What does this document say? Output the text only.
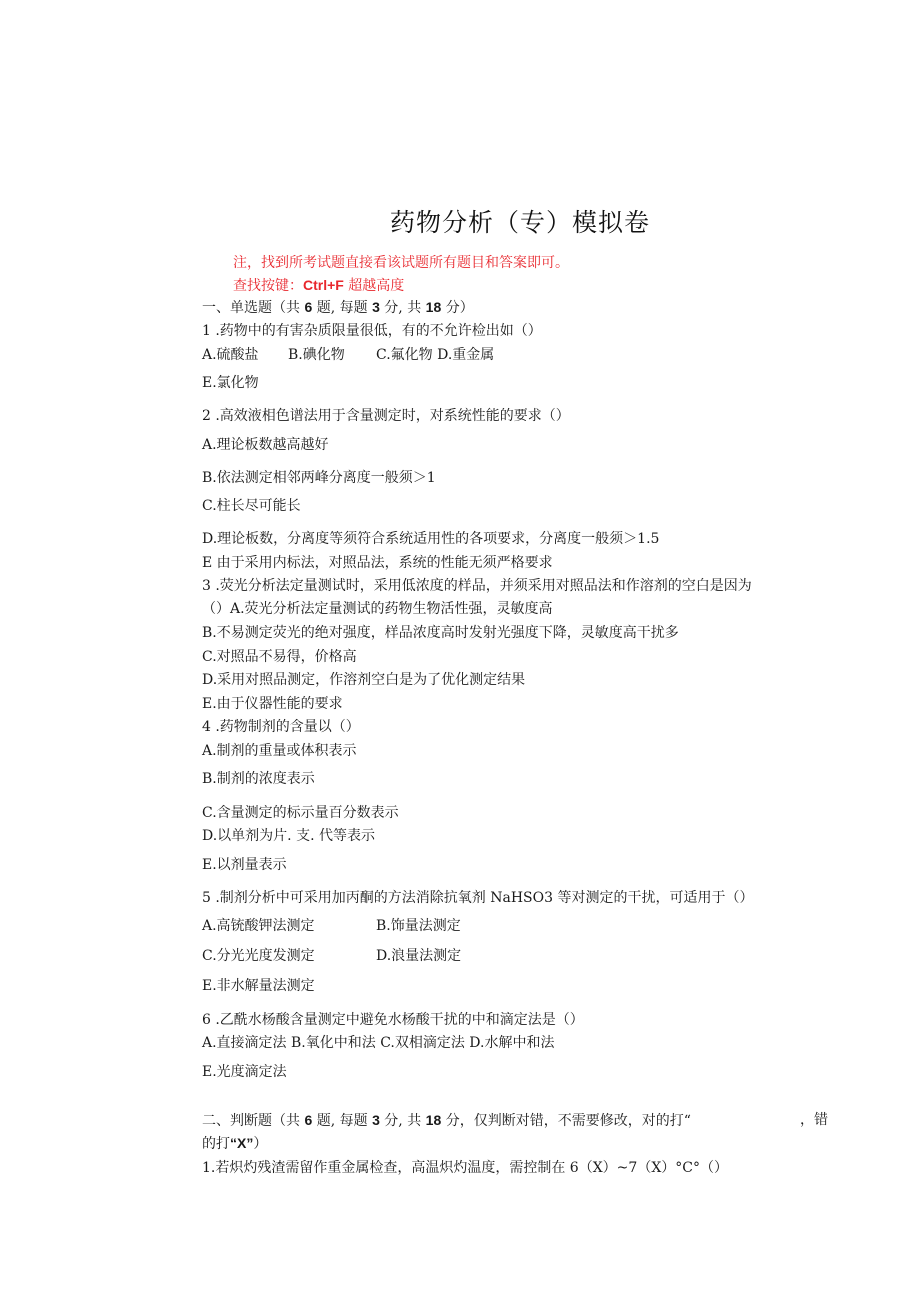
药物分析（专）模拟卷
注，找到所考试题直接看该试题所有题目和答案即可。
查找按键：Ctrl+F 超越高度
一、单选题（共 6 题, 每题 3 分, 共 18 分）
1 .药物中的有害杂质限量很低，有的不允许检出如（）
A.硫酸盐 B.碘化物 C.氟化物 D.重金属
E.氯化物
2 .高效液相色谱法用于含量测定时，对系统性能的要求（）
A.理论板数越高越好
B.依法测定相邻两峰分离度一般须＞1
C.柱长尽可能长
D.理论板数，分离度等须符合系统适用性的各项要求，分离度一般须＞1.5
E 由于采用内标法，对照品法，系统的性能无须严格要求
3 .荧光分析法定量测试时，采用低浓度的样品，并须采用对照品法和作溶剂的空白是因为
（）A.荧光分析法定量测试的药物生物活性强，灵敏度高
B.不易测定荧光的绝对强度，样品浓度高时发射光强度下降，灵敏度高干扰多
C.对照品不易得，价格高
D.采用对照品测定，作溶剂空白是为了优化测定结果
E.由于仪器性能的要求
4 .药物制剂的含量以（）
A.制剂的重量或体积表示
B.制剂的浓度表示
C.含量测定的标示量百分数表示
D.以单剂为片. 支. 代等表示
E.以剂量表示
5 .制剂分析中可采用加丙酮的方法消除抗氧剂 NaHSO3 等对测定的干扰，可适用于（）
A.高铳酸钾法测定	B.饰量法测定
C.分光光度发测定	D.浪量法测定
E.非水解量法测定
6 .乙酰水杨酸含量测定中避免水杨酸干扰的中和滴定法是（）
A.直接滴定法 B.氧化中和法 C.双相滴定法 D.水解中和法
E.光度滴定法
二、判断题（共 6 题, 每题 3 分, 共 18 分，仅判断对错，不需要修改，对的打“	，错
的打“X”）
1.若炽灼残渣需留作重金属检查，高温炽灼温度，需控制在 6（X）~7（X）°C°（）
